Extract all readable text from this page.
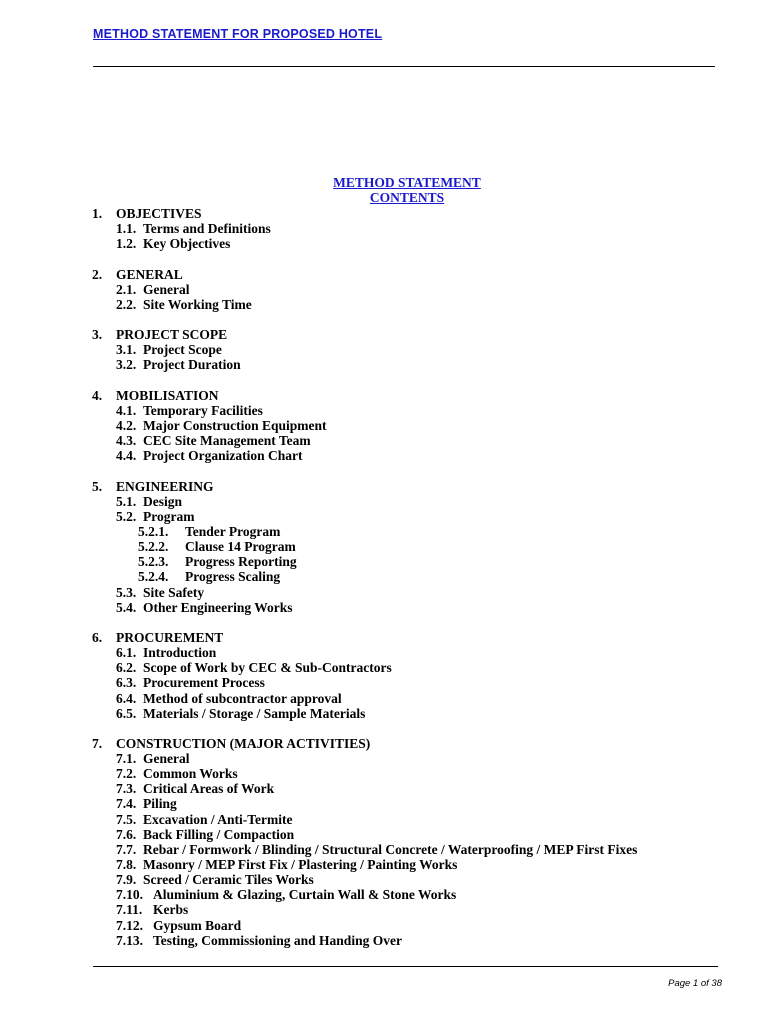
METHOD STATEMENT FOR PROPOSED HOTEL
METHOD STATEMENT
CONTENTS
1.	OBJECTIVES
1.1. Terms and Definitions
1.2. Key Objectives
2.	GENERAL
2.1. General
2.2. Site Working Time
3.	PROJECT SCOPE
3.1. Project Scope
3.2. Project Duration
4.	MOBILISATION
4.1. Temporary Facilities
4.2. Major Construction Equipment
4.3. CEC Site Management Team
4.4. Project Organization Chart
5.	ENGINEERING
5.1. Design
5.2. Program
5.2.1.	Tender Program
5.2.2.	Clause 14 Program
5.2.3.	Progress Reporting
5.2.4.	Progress Scaling
5.3. Site Safety
5.4. Other Engineering Works
6.	PROCUREMENT
6.1. Introduction
6.2. Scope of Work by CEC & Sub-Contractors
6.3. Procurement Process
6.4. Method of subcontractor approval
6.5. Materials / Storage / Sample Materials
7.	CONSTRUCTION (MAJOR ACTIVITIES)
7.1. General
7.2. Common Works
7.3. Critical Areas of Work
7.4. Piling
7.5. Excavation / Anti-Termite
7.6. Back Filling / Compaction
7.7. Rebar / Formwork / Blinding / Structural Concrete / Waterproofing / MEP First Fixes
7.8. Masonry / MEP First Fix / Plastering / Painting Works
7.9. Screed / Ceramic Tiles Works
7.10. Aluminium & Glazing, Curtain Wall & Stone Works
7.11. Kerbs
7.12. Gypsum Board
7.13. Testing, Commissioning and Handing Over
Page 1 of 38
